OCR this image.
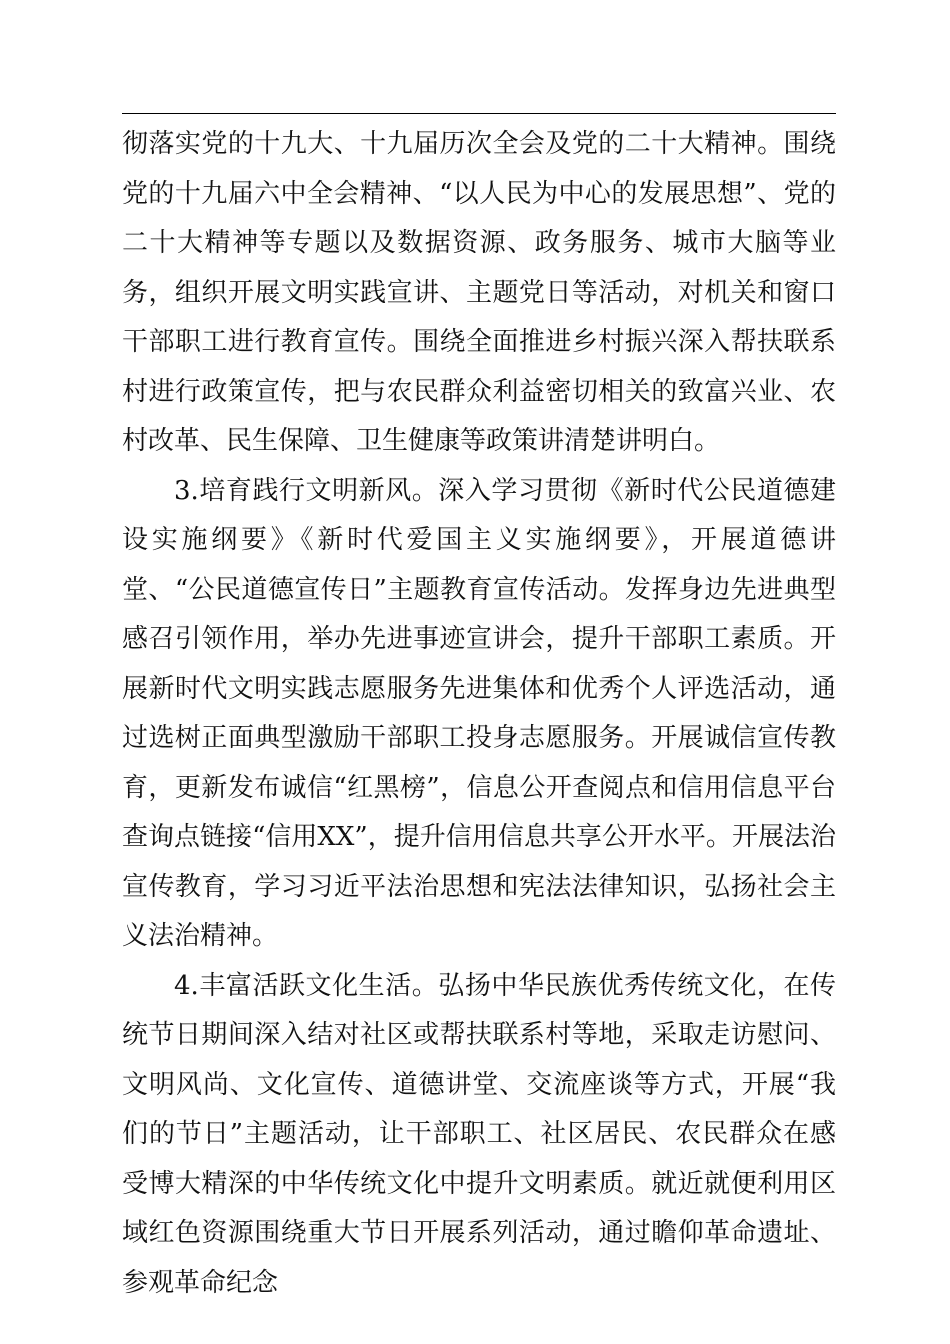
彻落实党的十九大、十九届历次全会及党的二十大精神。围绕党的十九届六中全会精神、“以人民为中心的发展思想”、党的二十大精神等专题以及数据资源、政务服务、城市大脑等业务，组织开展文明实践宣讲、主题党日等活动，对机关和窗口干部职工进行教育宣传。围绕全面推进乡村振兴深入帮扶联系村进行政策宣传，把与农民群众利益密切相关的致富兴业、农村改革、民生保障、卫生健康等政策讲清楚讲明白。

3.培育践行文明新风。深入学习贯彻《新时代公民道德建设实施纲要》《新时代爱国主义实施纲要》，开展道德讲堂、“公民道德宣传日”主题教育宣传活动。发挥身边先进典型感召引领作用，举办先进事迹宣讲会，提升干部职工素质。开展新时代文明实践志愿服务先进集体和优秀个人评选活动，通过选树正面典型激励干部职工投身志愿服务。开展诚信宣传教育，更新发布诚信“红黑榜”，信息公开查阅点和信用信息平台查询点链接“信用XX”，提升信用信息共享公开水平。开展法治宣传教育，学习习近平法治思想和宪法法律知识，弘扬社会主义法治精神。

4.丰富活跃文化生活。弘扬中华民族优秀传统文化，在传统节日期间深入结对社区或帮扶联系村等地，采取走访慰问、文明风尚、文化宣传、道德讲堂、交流座谈等方式，开展“我们的节日”主题活动，让干部职工、社区居民、农民群众在感受博大精深的中华传统文化中提升文明素质。就近就便利用区域红色资源围绕重大节日开展系列活动，通过瞻仰革命遗址、参观革命纪念
